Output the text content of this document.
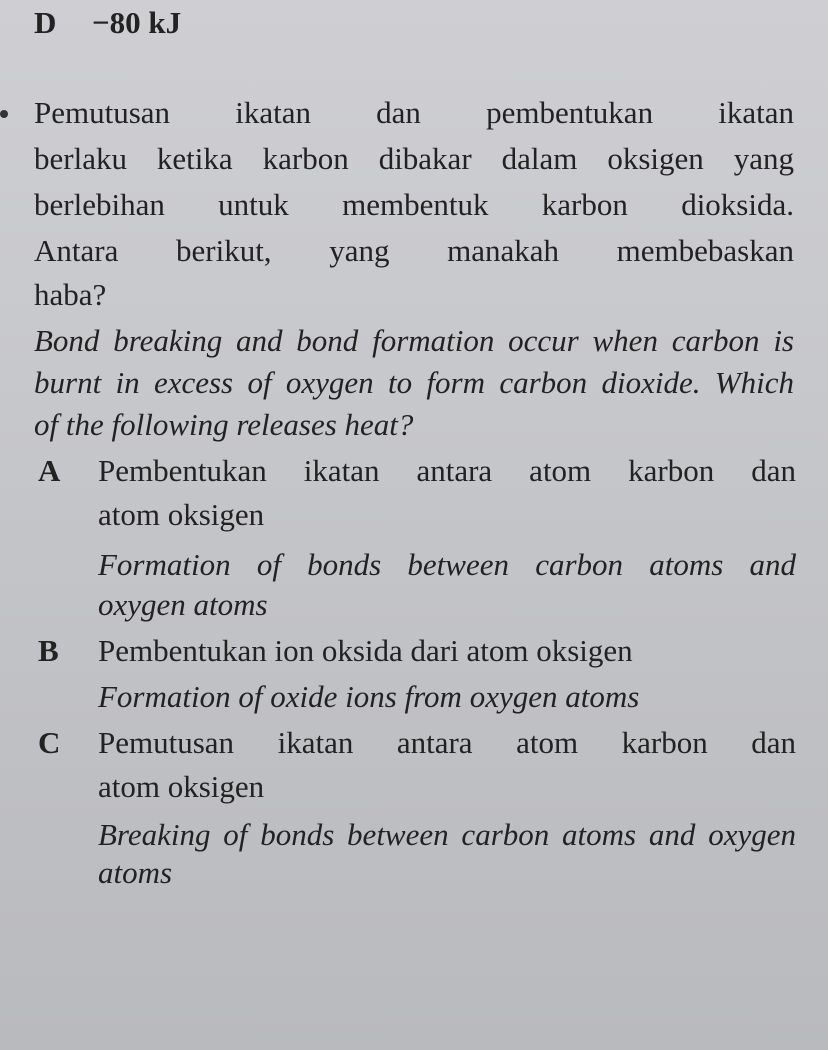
D −80 kJ
Pemutusan ikatan dan pembentukan ikatan
berlaku ketika karbon dibakar dalam oksigen yang
berlebihan untuk membentuk karbon dioksida.
Antara berikut, yang manakah membebaskan
haba?
Bond breaking and bond formation occur when carbon is
burnt in excess of oxygen to form carbon dioxide. Which
of the following releases heat?
A Pembentukan ikatan antara atom karbon dan
atom oksigen
Formation of bonds between carbon atoms and
oxygen atoms
B Pembentukan ion oksida dari atom oksigen
Formation of oxide ions from oxygen atoms
C Pemutusan ikatan antara atom karbon dan
atom oksigen
Breaking of bonds between carbon atoms and oxygen
atoms
